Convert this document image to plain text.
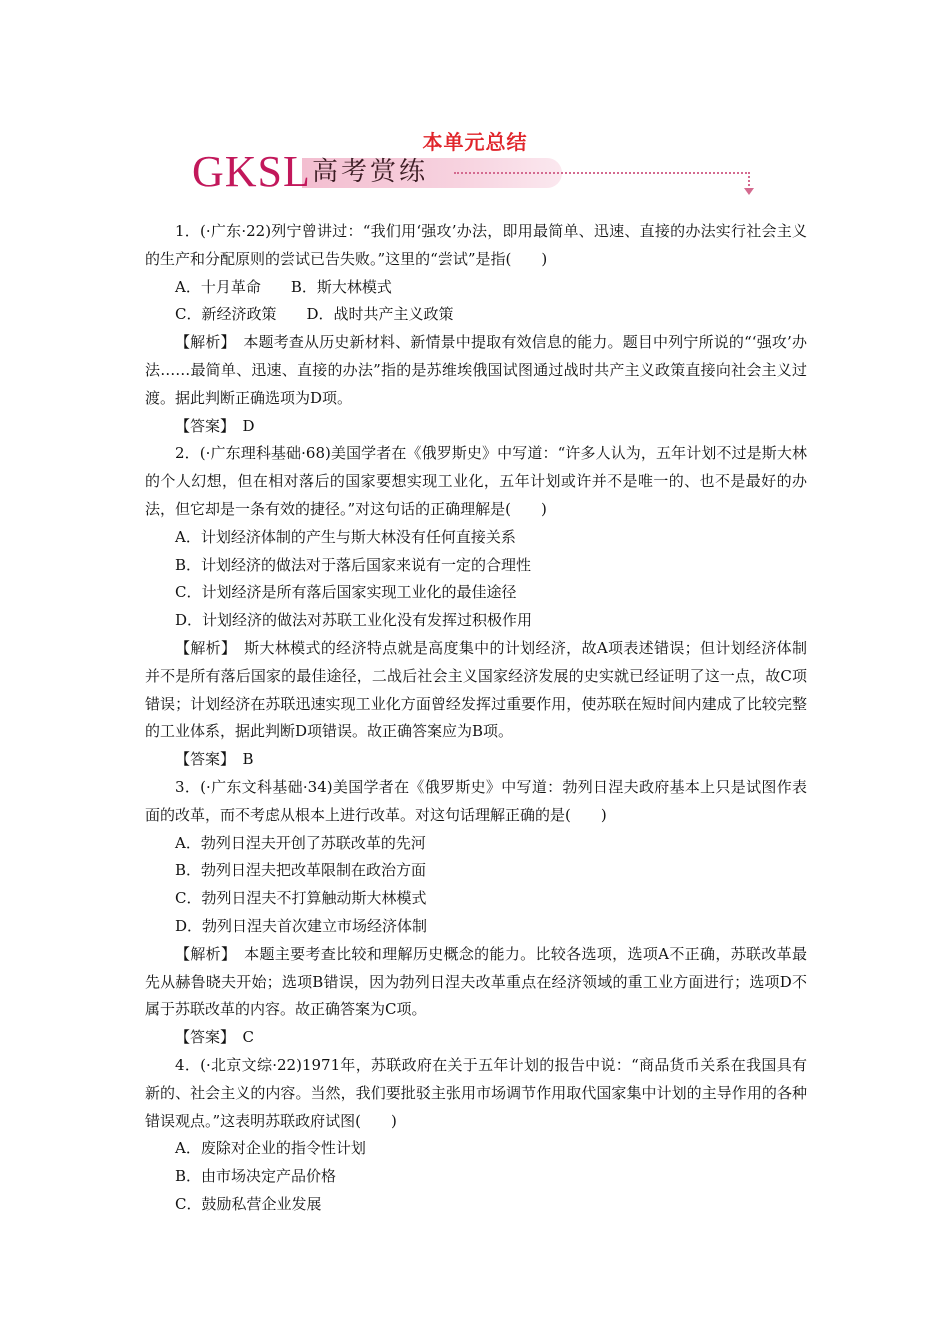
本单元总结
GKSL 高考赏练

1．(·广东·22)列宁曾讲过：“我们用‘强攻’办法，即用最简单、迅速、直接的办法实行社会主义的生产和分配原则的尝试已告失败。”这里的“尝试”是指(　　)

A．十月革命　　B．斯大林模式

C．新经济政策　　D．战时共产主义政策

【解析】　本题考查从历史新材料、新情景中提取有效信息的能力。题目中列宁所说的“‘强攻’办法……最简单、迅速、直接的办法”指的是苏维埃俄国试图通过战时共产主义政策直接向社会主义过渡。据此判断正确选项为D项。

【答案】　D

2．(·广东理科基础·68)美国学者在《俄罗斯史》中写道：“许多人认为，五年计划不过是斯大林的个人幻想，但在相对落后的国家要想实现工业化，五年计划或许并不是唯一的、也不是最好的办法，但它却是一条有效的捷径。”对这句话的正确理解是(　　)

A．计划经济体制的产生与斯大林没有任何直接关系

B．计划经济的做法对于落后国家来说有一定的合理性

C．计划经济是所有落后国家实现工业化的最佳途径

D．计划经济的做法对苏联工业化没有发挥过积极作用

【解析】　斯大林模式的经济特点就是高度集中的计划经济，故A项表述错误；但计划经济体制并不是所有落后国家的最佳途径，二战后社会主义国家经济发展的史实就已经证明了这一点，故C项错误；计划经济在苏联迅速实现工业化方面曾经发挥过重要作用，使苏联在短时间内建成了比较完整的工业体系，据此判断D项错误。故正确答案应为B项。

【答案】　B

3．(·广东文科基础·34)美国学者在《俄罗斯史》中写道：勃列日涅夫政府基本上只是试图作表面的改革，而不考虑从根本上进行改革。对这句话理解正确的是(　　)

A．勃列日涅夫开创了苏联改革的先河

B．勃列日涅夫把改革限制在政治方面

C．勃列日涅夫不打算触动斯大林模式

D．勃列日涅夫首次建立市场经济体制

【解析】　本题主要考查比较和理解历史概念的能力。比较各选项，选项A不正确，苏联改革最先从赫鲁晓夫开始；选项B错误，因为勃列日涅夫改革重点在经济领域的重工业方面进行；选项D不属于苏联改革的内容。故正确答案为C项。

【答案】　C

4．(·北京文综·22)1971年，苏联政府在关于五年计划的报告中说：“商品货币关系在我国具有新的、社会主义的内容。当然，我们要批驳主张用市场调节作用取代国家集中计划的主导作用的各种错误观点。”这表明苏联政府试图(　　)

A．废除对企业的指令性计划

B．由市场决定产品价格

C．鼓励私营企业发展
